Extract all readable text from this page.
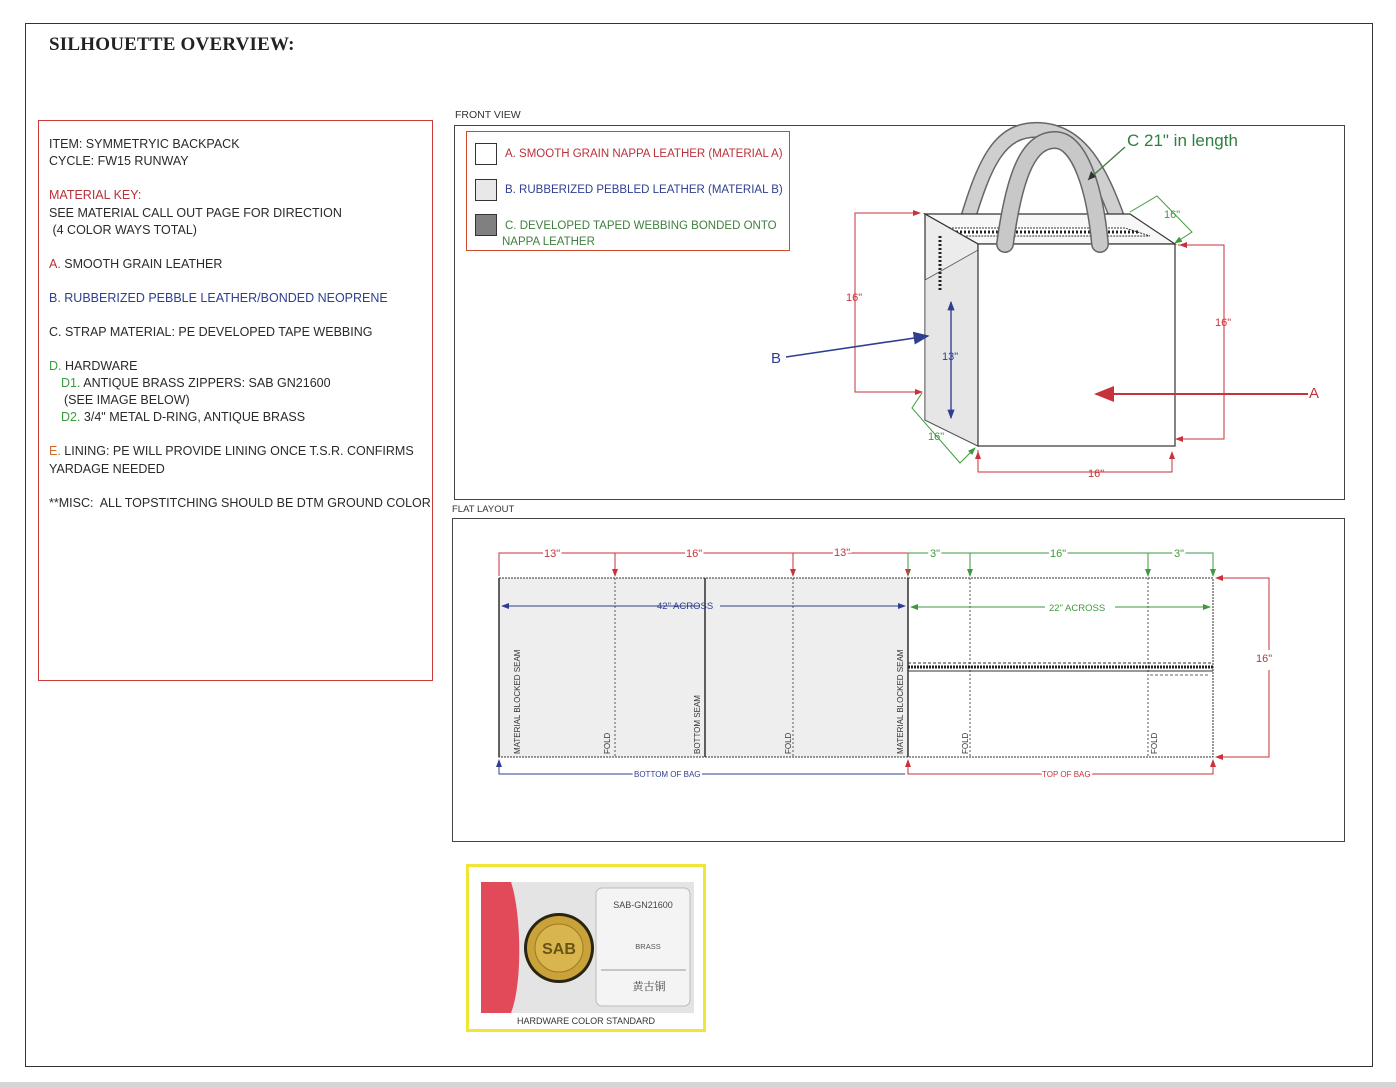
SILHOUETTE OVERVIEW:
ITEM: SYMMETRYIC BACKPACK
CYCLE: FW15 RUNWAY
MATERIAL KEY:
SEE MATERIAL CALL OUT PAGE FOR DIRECTION
(4 COLOR WAYS TOTAL)
A. SMOOTH GRAIN LEATHER
B. RUBBERIZED PEBBLE LEATHER/BONDED NEOPRENE
C. STRAP MATERIAL: PE DEVELOPED TAPE WEBBING
D. HARDWARE
D1. ANTIQUE BRASS ZIPPERS: SAB GN21600
(SEE IMAGE BELOW)
D2. 3/4" METAL D-RING, ANTIQUE BRASS
E. LINING: PE WILL PROVIDE LINING ONCE T.S.R. CONFIRMS
YARDAGE NEEDED
**MISC:  ALL TOPSTITCHING SHOULD BE DTM GROUND COLOR
FRONT VIEW
A. SMOOTH GRAIN NAPPA LEATHER (MATERIAL A)
B. RUBBERIZED PEBBLED LEATHER (MATERIAL B)
C. DEVELOPED TAPED WEBBING BONDED ONTO
NAPPA LEATHER
C 21" in length
16"
16"
16"
13"
B
A
16"
16"
13"	16"	13"	3"	16"	3"
42" ACROSS	22" ACROSS
16"
BOTTOM OF BAG	TOP OF BAG
MATERIAL BLOCKED SEAM	FOLD	BOTTOM SEAM	FOLD	MATERIAL BLOCKED SEAM	FOLD	FOLD
FLAT LAYOUT
SAB
SAB-GN21600
BRASS
黄古铜
HARDWARE COLOR STANDARD
